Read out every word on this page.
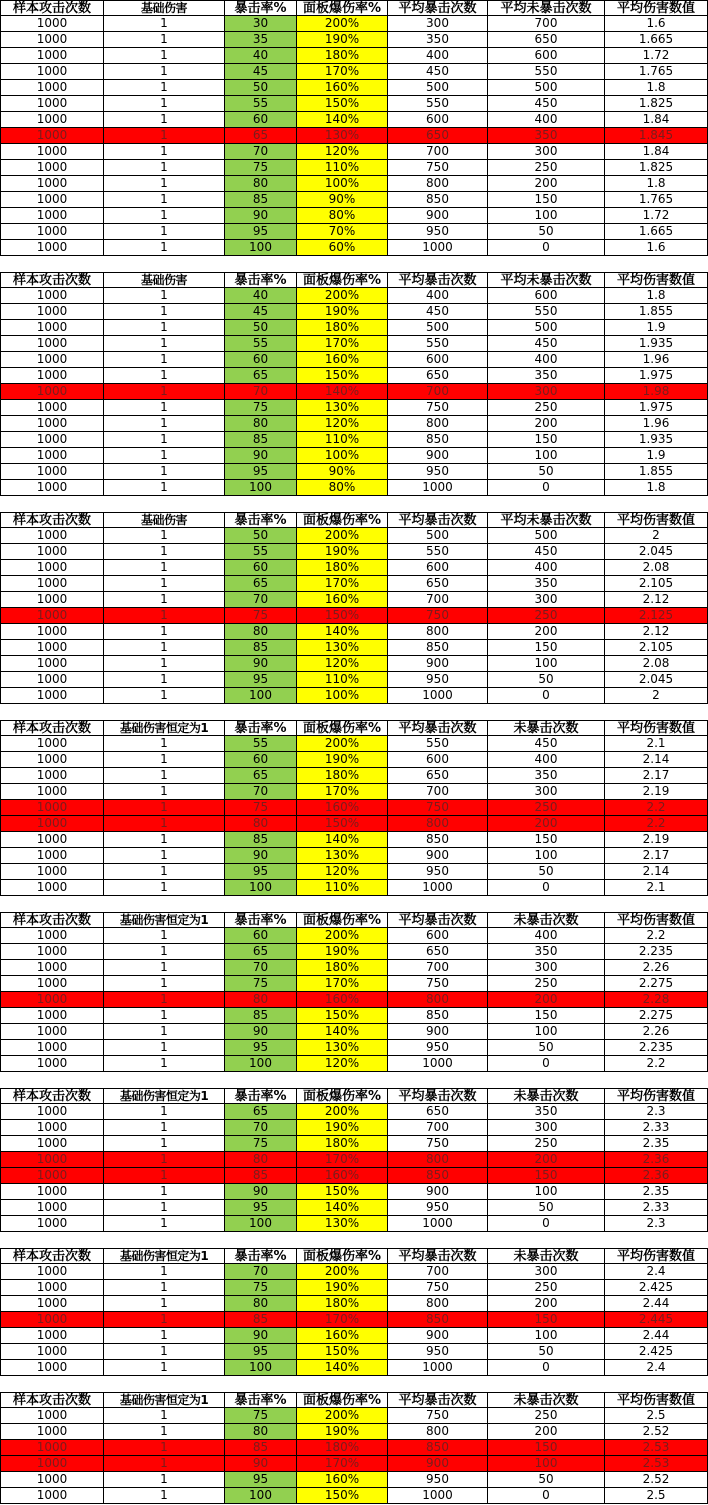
样本攻击次数	基础伤害	暴击率%	面板爆伤率%	平均暴击次数	平均未暴击次数	平均伤害数值
1000	1	30	200%	300	700	1.6
1000	1	35	190%	350	650	1.665
1000	1	40	180%	400	600	1.72
1000	1	45	170%	450	550	1.765
1000	1	50	160%	500	500	1.8
1000	1	55	150%	550	450	1.825
1000	1	60	140%	600	400	1.84
1000	1	65	130%	650	350	1.845
1000	1	70	120%	700	300	1.84
1000	1	75	110%	750	250	1.825
1000	1	80	100%	800	200	1.8
1000	1	85	90%	850	150	1.765
1000	1	90	80%	900	100	1.72
1000	1	95	70%	950	50	1.665
1000	1	100	60%	1000	0	1.6
样本攻击次数	基础伤害	暴击率%	面板爆伤率%	平均暴击次数	平均未暴击次数	平均伤害数值
1000	1	40	200%	400	600	1.8
1000	1	45	190%	450	550	1.855
1000	1	50	180%	500	500	1.9
1000	1	55	170%	550	450	1.935
1000	1	60	160%	600	400	1.96
1000	1	65	150%	650	350	1.975
1000	1	70	140%	700	300	1.98
1000	1	75	130%	750	250	1.975
1000	1	80	120%	800	200	1.96
1000	1	85	110%	850	150	1.935
1000	1	90	100%	900	100	1.9
1000	1	95	90%	950	50	1.855
1000	1	100	80%	1000	0	1.8
样本攻击次数	基础伤害	暴击率%	面板爆伤率%	平均暴击次数	平均未暴击次数	平均伤害数值
1000	1	50	200%	500	500	2
1000	1	55	190%	550	450	2.045
1000	1	60	180%	600	400	2.08
1000	1	65	170%	650	350	2.105
1000	1	70	160%	700	300	2.12
1000	1	75	150%	750	250	2.125
1000	1	80	140%	800	200	2.12
1000	1	85	130%	850	150	2.105
1000	1	90	120%	900	100	2.08
1000	1	95	110%	950	50	2.045
1000	1	100	100%	1000	0	2
样本攻击次数	基础伤害恒定为1	暴击率%	面板爆伤率%	平均暴击次数	未暴击次数	平均伤害数值
1000	1	55	200%	550	450	2.1
1000	1	60	190%	600	400	2.14
1000	1	65	180%	650	350	2.17
1000	1	70	170%	700	300	2.19
1000	1	75	160%	750	250	2.2
1000	1	80	150%	800	200	2.2
1000	1	85	140%	850	150	2.19
1000	1	90	130%	900	100	2.17
1000	1	95	120%	950	50	2.14
1000	1	100	110%	1000	0	2.1
样本攻击次数	基础伤害恒定为1	暴击率%	面板爆伤率%	平均暴击次数	未暴击次数	平均伤害数值
1000	1	60	200%	600	400	2.2
1000	1	65	190%	650	350	2.235
1000	1	70	180%	700	300	2.26
1000	1	75	170%	750	250	2.275
1000	1	80	160%	800	200	2.28
1000	1	85	150%	850	150	2.275
1000	1	90	140%	900	100	2.26
1000	1	95	130%	950	50	2.235
1000	1	100	120%	1000	0	2.2
样本攻击次数	基础伤害恒定为1	暴击率%	面板爆伤率%	平均暴击次数	未暴击次数	平均伤害数值
1000	1	65	200%	650	350	2.3
1000	1	70	190%	700	300	2.33
1000	1	75	180%	750	250	2.35
1000	1	80	170%	800	200	2.36
1000	1	85	160%	850	150	2.36
1000	1	90	150%	900	100	2.35
1000	1	95	140%	950	50	2.33
1000	1	100	130%	1000	0	2.3
样本攻击次数	基础伤害恒定为1	暴击率%	面板爆伤率%	平均暴击次数	未暴击次数	平均伤害数值
1000	1	70	200%	700	300	2.4
1000	1	75	190%	750	250	2.425
1000	1	80	180%	800	200	2.44
1000	1	85	170%	850	150	2.445
1000	1	90	160%	900	100	2.44
1000	1	95	150%	950	50	2.425
1000	1	100	140%	1000	0	2.4
样本攻击次数	基础伤害恒定为1	暴击率%	面板爆伤率%	平均暴击次数	未暴击次数	平均伤害数值
1000	1	75	200%	750	250	2.5
1000	1	80	190%	800	200	2.52
1000	1	85	180%	850	150	2.53
1000	1	90	170%	900	100	2.53
1000	1	95	160%	950	50	2.52
1000	1	100	150%	1000	0	2.5
